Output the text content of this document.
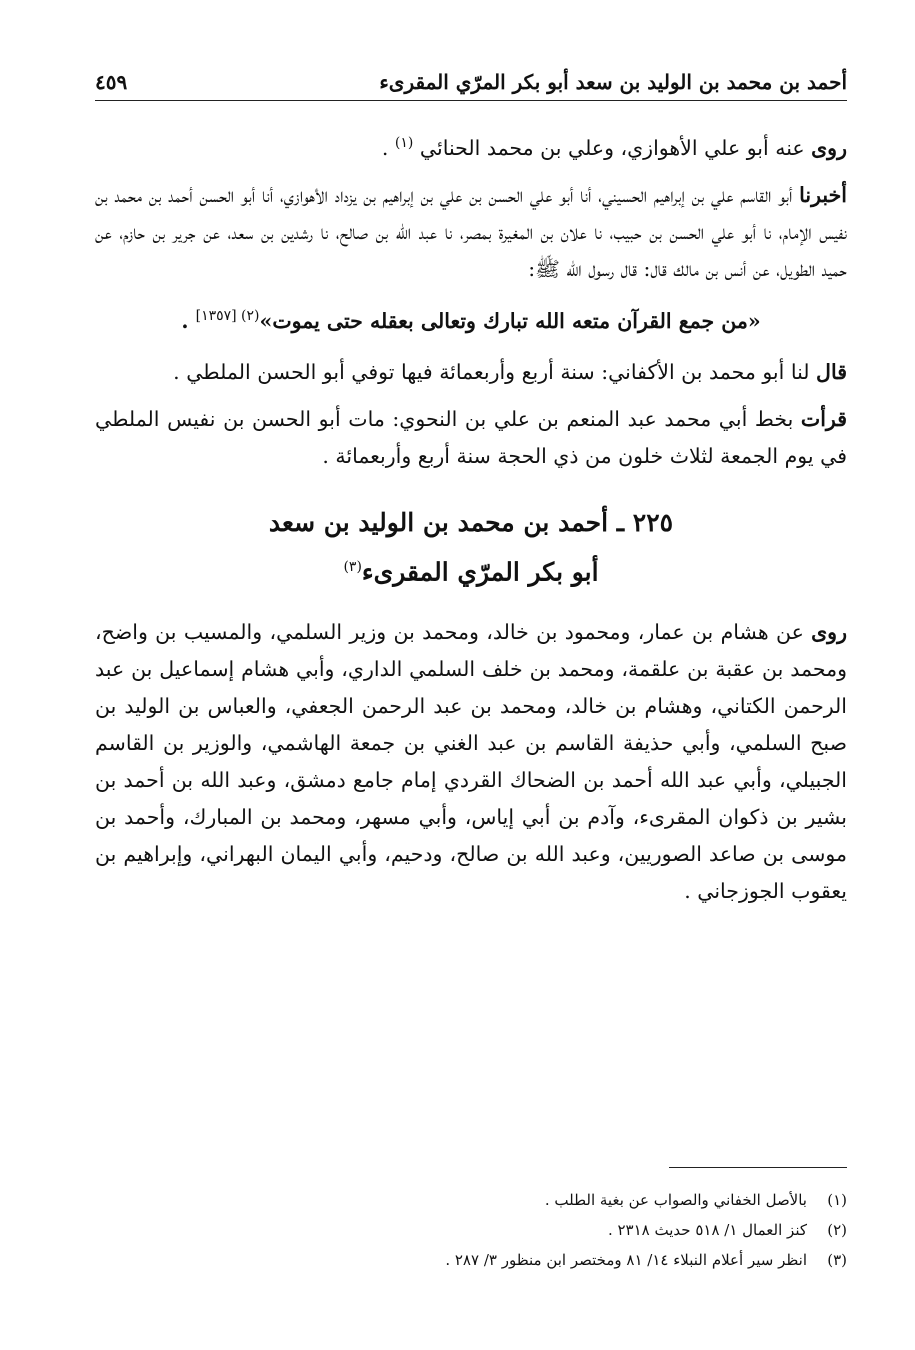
أحمد بن محمد بن الوليد بن سعد أبو بكر المرّي المقرىء
٤٥٩

روى عنه أبو علي الأهوازي، وعلي بن محمد الحنائي $^{(١)}$ .

أخبرنا أبو القاسم علي بن إبراهيم الحسيني، أنا أبو علي الحسن بن علي بن إبراهيم بن يزداد الأهوازي، أنا أبو الحسن أحمد بن محمد بن نفيس الإمام، نا أبو علي الحسن بن حبيب، نا علان بن المغيرة بمصر، نا عبد الله بن صالح، نا رشدين بن سعد، عن جرير بن حازم، عن حميد الطويل، عن أنس بن مالك قال: قال رسول الله ﷺ:

«من جمع القرآن متعه الله تبارك وتعالى بعقله حتى يموت»$^{(٢) [١٣٥٧]}$ .

قال لنا أبو محمد بن الأكفاني: سنة أربع وأربعمائة فيها توفي أبو الحسن الملطي .

قرأت بخط أبي محمد عبد المنعم بن علي بن النحوي: مات أبو الحسن بن نفيس الملطي في يوم الجمعة لثلاث خلون من ذي الحجة سنة أربع وأربعمائة .

٢٢٥ ـ أحمد بن محمد بن الوليد بن سعد
أبو بكر المرّي المقرىء$^{(٣)}$

روى عن هشام بن عمار، ومحمود بن خالد، ومحمد بن وزير السلمي، والمسيب بن واضح، ومحمد بن عقبة بن علقمة، ومحمد بن خلف السلمي الداري، وأبي هشام إسماعيل بن عبد الرحمن الكتاني، وهشام بن خالد، ومحمد بن عبد الرحمن الجعفي، والعباس بن الوليد بن صبح السلمي، وأبي حذيفة القاسم بن عبد الغني بن جمعة الهاشمي، والوزير بن القاسم الجبيلي، وأبي عبد الله أحمد بن الضحاك القردي إمام جامع دمشق، وعبد الله بن أحمد بن بشير بن ذكوان المقرىء، وآدم بن أبي إياس، وأبي مسهر، ومحمد بن المبارك، وأحمد بن موسى بن صاعد الصوريين، وعبد الله بن صالح، ودحيم، وأبي اليمان البهراني، وإبراهيم بن يعقوب الجوزجاني .

(١)
بالأصل الخفاني والصواب عن بغية الطلب .
(٢)
كنز العمال ١/ ٥١٨ حديث ٢٣١٨ .
(٣)
انظر سير أعلام النبلاء ١٤/ ٨١ ومختصر ابن منظور ٣/ ٢٨٧ .
